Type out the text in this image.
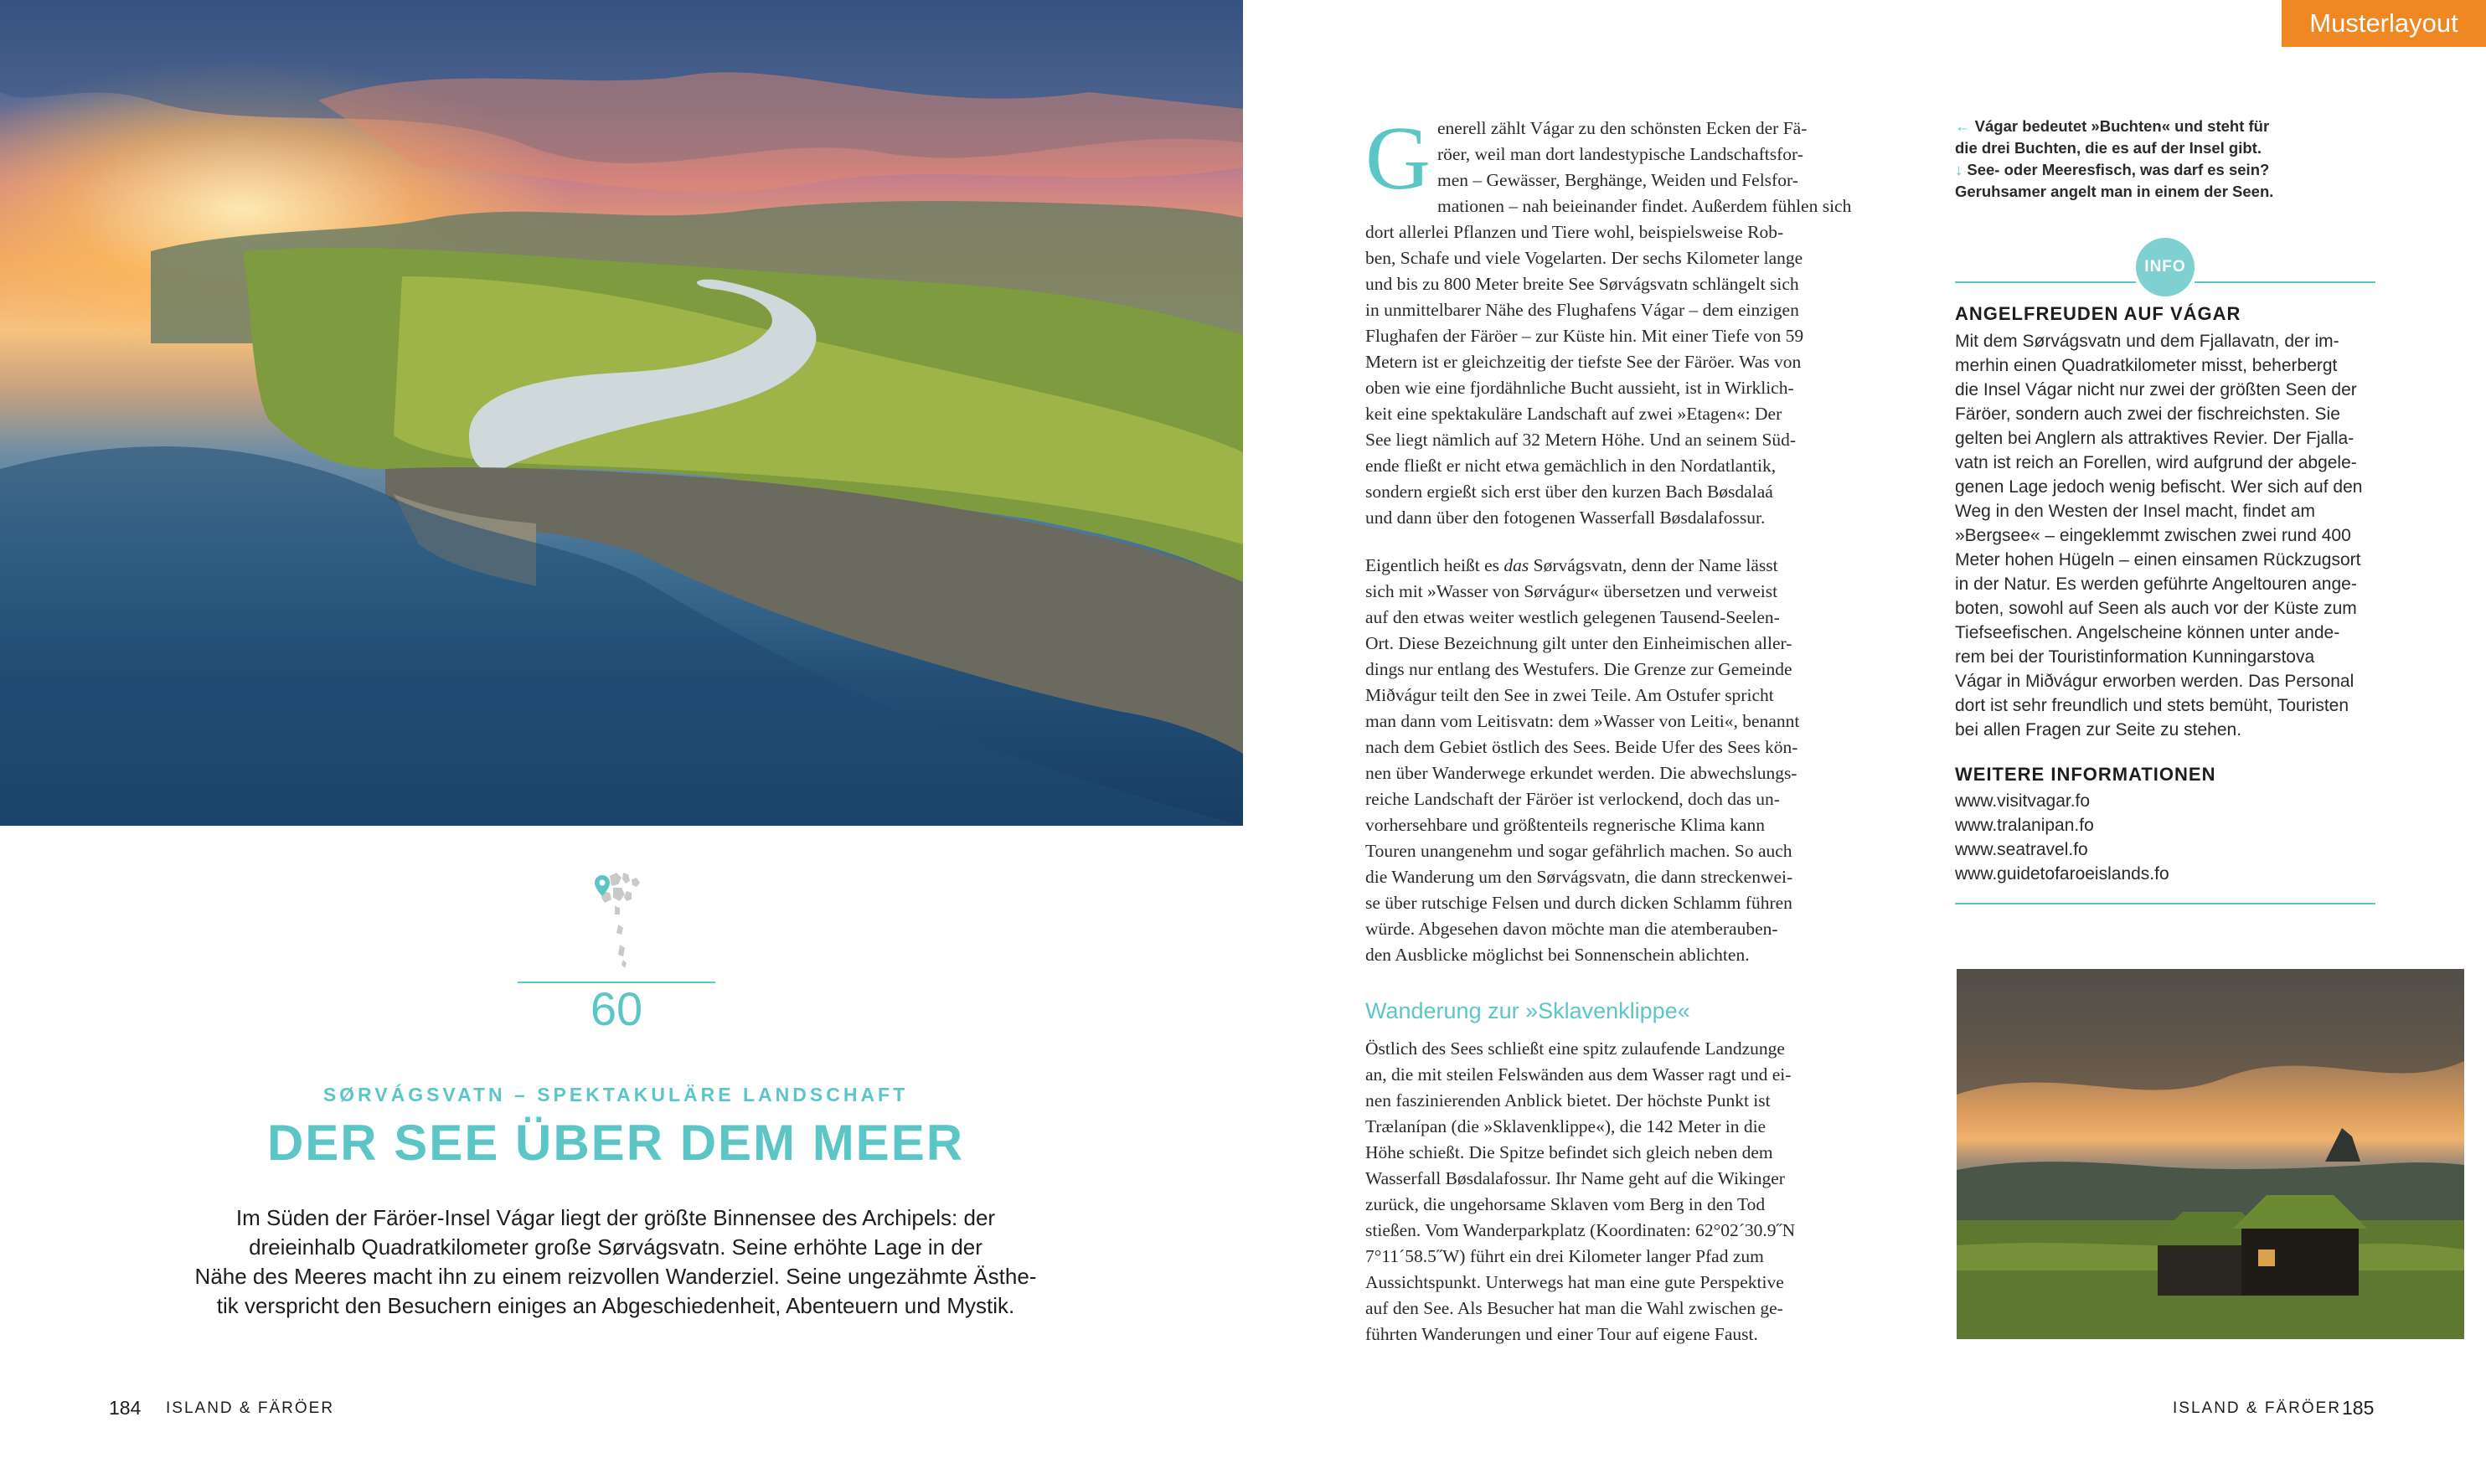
Musterlayout
60
SØRVÁGSVATN – SPEKTAKULÄRE LANDSCHAFT
DER SEE ÜBER DEM MEER
Im Süden der Färöer-Insel Vágar liegt der größte Binnensee des Archipels: der
dreieinhalb Quadratkilometer große Sørvágsvatn. Seine erhöhte Lage in der
Nähe des Meeres macht ihn zu einem reizvollen Wanderziel. Seine ungezähmte Ästhe-
tik verspricht den Besuchern einiges an Abgeschiedenheit, Abenteuern und Mystik.

G enerell zählt Vágar zu den schönsten Ecken der Fä-
röer, weil man dort landestypische Landschaftsfor-
men – Gewässer, Berghänge, Weiden und Felsfor-
mationen – nah beieinander findet. Außerdem fühlen sich
dort allerlei Pflanzen und Tiere wohl, beispielsweise Rob-
ben, Schafe und viele Vogelarten. Der sechs Kilometer lange
und bis zu 800 Meter breite See Sørvágsvatn schlängelt sich
in unmittelbarer Nähe des Flughafens Vágar – dem einzigen
Flughafen der Färöer – zur Küste hin. Mit einer Tiefe von 59
Metern ist er gleichzeitig der tiefste See der Färöer. Was von
oben wie eine fjordähnliche Bucht aussieht, ist in Wirklich-
keit eine spektakuläre Landschaft auf zwei »Etagen«: Der
See liegt nämlich auf 32 Metern Höhe. Und an seinem Süd-
ende fließt er nicht etwa gemächlich in den Nordatlantik,
sondern ergießt sich erst über den kurzen Bach Bøsdalaá
und dann über den fotogenen Wasserfall Bøsdalafossur.

Eigentlich heißt es das Sørvágsvatn, denn der Name lässt
sich mit »Wasser von Sørvágur« übersetzen und verweist
auf den etwas weiter westlich gelegenen Tausend-Seelen-
Ort. Diese Bezeichnung gilt unter den Einheimischen aller-
dings nur entlang des Westufers. Die Grenze zur Gemeinde
Miðvágur teilt den See in zwei Teile. Am Ostufer spricht
man dann vom Leitisvatn: dem »Wasser von Leiti«, benannt
nach dem Gebiet östlich des Sees. Beide Ufer des Sees kön-
nen über Wanderwege erkundet werden. Die abwechslungs-
reiche Landschaft der Färöer ist verlockend, doch das un-
vorhersehbare und größtenteils regnerische Klima kann
Touren unangenehm und sogar gefährlich machen. So auch
die Wanderung um den Sørvágsvatn, die dann streckenwei-
se über rutschige Felsen und durch dicken Schlamm führen
würde. Abgesehen davon möchte man die atemberauben-
den Ausblicke möglichst bei Sonnenschein ablichten.

Wanderung zur »Sklavenklippe«

Östlich des Sees schließt eine spitz zulaufende Landzunge
an, die mit steilen Felswänden aus dem Wasser ragt und ei-
nen faszinierenden Anblick bietet. Der höchste Punkt ist
Trælanípan (die »Sklavenklippe«), die 142 Meter in die
Höhe schießt. Die Spitze befindet sich gleich neben dem
Wasserfall Bøsdalafossur. Ihr Name geht auf die Wikinger
zurück, die ungehorsame Sklaven vom Berg in den Tod
stießen. Vom Wanderparkplatz (Koordinaten: 62°02´30.9˝N
7°11´58.5˝W) führt ein drei Kilometer langer Pfad zum
Aussichtspunkt. Unterwegs hat man eine gute Perspektive
auf den See. Als Besucher hat man die Wahl zwischen ge-
führten Wanderungen und einer Tour auf eigene Faust.

← Vágar bedeutet »Buchten« und steht für
die drei Buchten, die es auf der Insel gibt.
↓ See- oder Meeresfisch, was darf es sein?
Geruhsamer angelt man in einem der Seen.
INFO
ANGELFREUDEN AUF VÁGAR
Mit dem Sørvágsvatn und dem Fjallavatn, der im-
merhin einen Quadratkilometer misst, beherbergt
die Insel Vágar nicht nur zwei der größten Seen der
Färöer, sondern auch zwei der fischreichsten. Sie
gelten bei Anglern als attraktives Revier. Der Fjalla-
vatn ist reich an Forellen, wird aufgrund der abgele-
genen Lage jedoch wenig befischt. Wer sich auf den
Weg in den Westen der Insel macht, findet am
»Bergsee« – eingeklemmt zwischen zwei rund 400
Meter hohen Hügeln – einen einsamen Rückzugsort
in der Natur. Es werden geführte Angeltouren ange-
boten, sowohl auf Seen als auch vor der Küste zum
Tiefseefischen. Angelscheine können unter ande-
rem bei der Touristinformation Kunningarstova
Vágar in Miðvágur erworben werden. Das Personal
dort ist sehr freundlich und stets bemüht, Touristen
bei allen Fragen zur Seite zu stehen.
WEITERE INFORMATIONEN
www.visitvagar.fo
www.tralanipan.fo
www.seatravel.fo
www.guidetofaroeislands.fo
184 ISLAND & FÄRÖER	ISLAND & FÄRÖER 185
